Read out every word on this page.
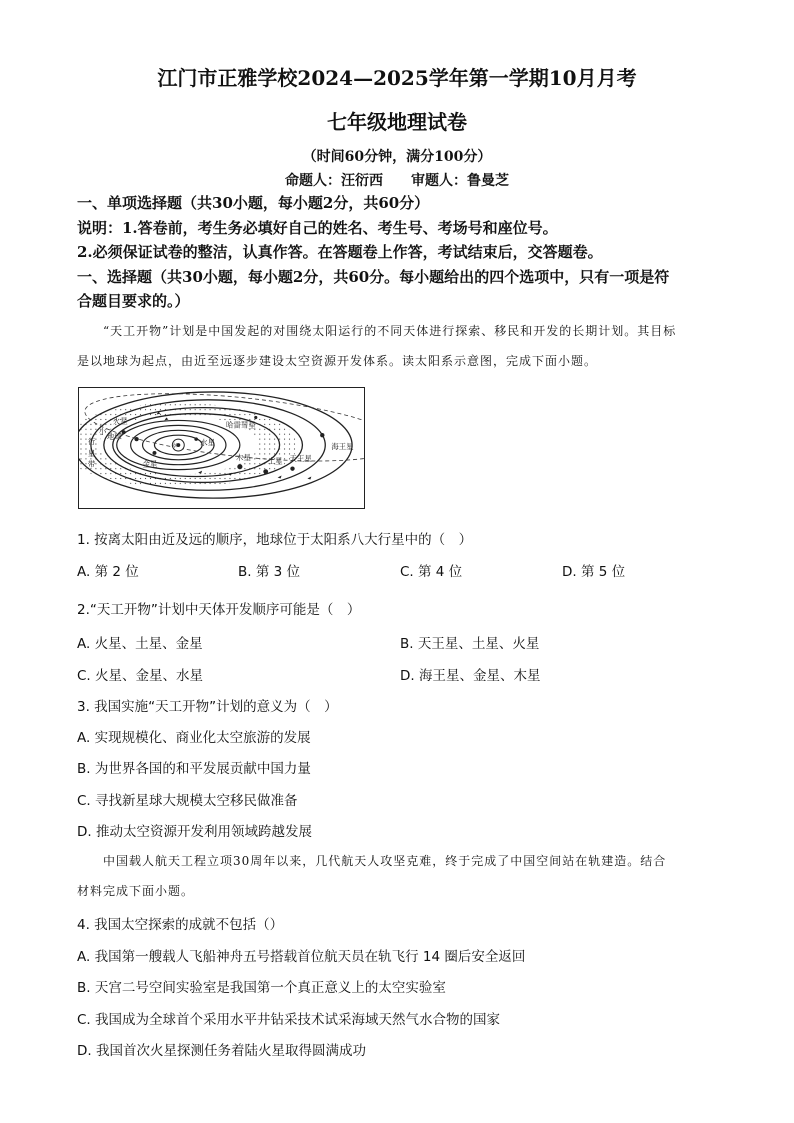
江门市正雅学校2024—2025学年第一学期10月月考
七年级地理试卷
（时间60分钟，满分100分）
命题人：汪衍西　　审题人：鲁曼芝
一、单项选择题（共30小题，每小题2分，共60分）
说明：1.答卷前，考生务必填好自己的姓名、考生号、考场号和座位号。
2.必须保证试卷的整洁，认真作答。在答题卷上作答，考试结束后，交答题卷。
一、选择题（共30小题，每小题2分，共60分。每小题给出的四个选项中，只有一项是符
合题目要求的。）
“天工开物”计划是中国发起的对围绕太阳运行的不同天体进行探索、移民和开发的长期计划。其目标
是以地球为起点，由近至远逐步建设太空资源开发体系。读太阳系示意图，完成下面小题。
火星
小
行
星
带
地球
金星
水星
☼
哈雷彗星
木星 土星 天王星
海王星
1. 按离太阳由近及远的顺序，地球位于太阳系八大行星中的（　）
A. 第 2 位	B. 第 3 位	C. 第 4 位	D. 第 5 位
2.“天工开物”计划中天体开发顺序可能是（　）
A. 火星、土星、金星	B. 天王星、土星、火星
C. 火星、金星、水星	D. 海王星、金星、木星
3. 我国实施“天工开物”计划的意义为（　）
A. 实现规模化、商业化太空旅游的发展
B. 为世界各国的和平发展贡献中国力量
C. 寻找新星球大规模太空移民做准备
D. 推动太空资源开发利用领域跨越发展
中国载人航天工程立项30周年以来，几代航天人攻坚克难，终于完成了中国空间站在轨建造。结合
材料完成下面小题。
4. 我国太空探索的成就不包括（）
A. 我国第一艘载人飞船神舟五号搭载首位航天员在轨飞行 14 圈后安全返回
B. 天宫二号空间实验室是我国第一个真正意义上的太空实验室
C. 我国成为全球首个采用水平井钻采技术试采海域天然气水合物的国家
D. 我国首次火星探测任务着陆火星取得圆满成功
